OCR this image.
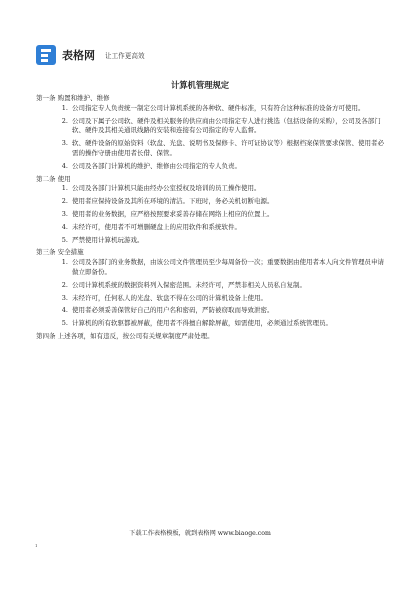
表格网 让工作更高效
计算机管理规定
第一条 购置和维护、维修
1. 公司指定专人负责统一制定公司计算机系统的各种软、硬件标准，只有符合这种标准的设备方可使用。
2. 公司及下属子公司软、硬件及相关服务的供应商由公司指定专人进行挑选（包括设备的采购），公司及各部门软、硬件及其相关通讯线路的安装和连接有公司指定的专人监督。
3. 软、硬件设备的原始资料（软盘、光盘、说明书及保修卡、许可证协议等）根据档案保管要求保管、使用者必需的操作守册由使用者长借、保管。
4. 公司及各部门计算机的维护、维修由公司指定的专人负责。
第二条 使用
1. 公司及各部门计算机只能由经办公室授权及培训的员工操作使用。
2. 使用者应保持设备及其所在环境的清洁。下班时，务必关机切断电源。
3. 使用者的业务数据，应严格按照要求妥善存储在网络上相应的位置上。
4. 未经许可，使用者不可增删硬盘上的应用软件和系统软件。
5. 严禁使用计算机玩游戏。
第三条 安全措施
1. 公司及各部门的业务数据，由该公司文件管理员至少每周备份一次；重要数据由使用者本人向文件管理员申请做立即备份。
2. 公司计算机系统的数据资料列入保密范围。未经许可，严禁非相关人员私自复制。
3. 未经许可，任何私人的光盘、软盘不得在公司的计算机设备上使用。
4. 使用者必须妥善保管好自己的用户名和密码，严防被窃取而导致泄密。
5. 计算机的所有软驱都被屏蔽，使用者不得擅自解除屏蔽，如需使用，必须通过系统管理员。
第四条 上述各项，如有违反，按公司有关规章制度严肃处理。
下载工作表格模板，就到表格网 www.biaoge.com
1
